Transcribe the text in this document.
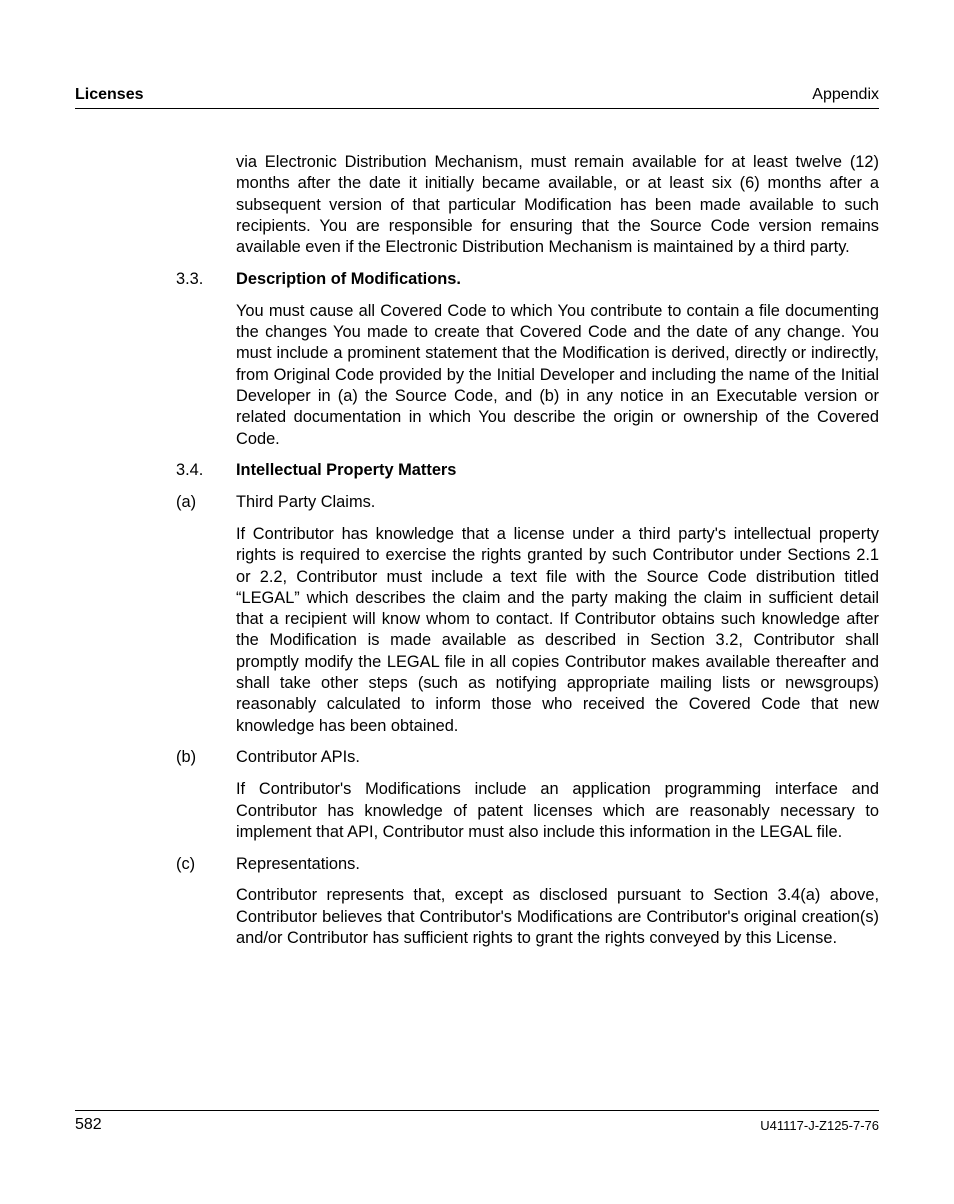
Licenses	Appendix

via Electronic Distribution Mechanism, must remain available for at least twelve (12) months after the date it initially became available, or at least six (6) months after a subsequent version of that particular Modification has been made available to such recipients. You are responsible for ensuring that the Source Code version remains available even if the Electronic Distribution Mechanism is maintained by a third party.

3.3. Description of Modifications.

You must cause all Covered Code to which You contribute to contain a file documenting the changes You made to create that Covered Code and the date of any change. You must include a prominent statement that the Modification is derived, directly or indirectly, from Original Code provided by the Initial Developer and including the name of the Initial Developer in (a) the Source Code, and (b) in any notice in an Executable version or related documentation in which You describe the origin or ownership of the Covered Code.

3.4. Intellectual Property Matters
(a) Third Party Claims.

If Contributor has knowledge that a license under a third party's intellectual property rights is required to exercise the rights granted by such Contributor under Sections 2.1 or 2.2, Contributor must include a text file with the Source Code distribution titled “LEGAL” which describes the claim and the party making the claim in sufficient detail that a recipient will know whom to contact. If Contributor obtains such knowledge after the Modification is made available as described in Section 3.2, Contributor shall promptly modify the LEGAL file in all copies Contributor makes available thereafter and shall take other steps (such as notifying appropriate mailing lists or newsgroups) reasonably calculated to inform those who received the Covered Code that new knowledge has been obtained.

(b) Contributor APIs.

If Contributor's Modifications include an application programming interface and Contributor has knowledge of patent licenses which are reasonably necessary to implement that API, Contributor must also include this information in the LEGAL file.

(c) Representations.

Contributor represents that, except as disclosed pursuant to Section 3.4(a) above, Contributor believes that Contributor's Modifications are Contributor's original creation(s) and/or Contributor has sufficient rights to grant the rights conveyed by this License.

582	U41117-J-Z125-7-76
